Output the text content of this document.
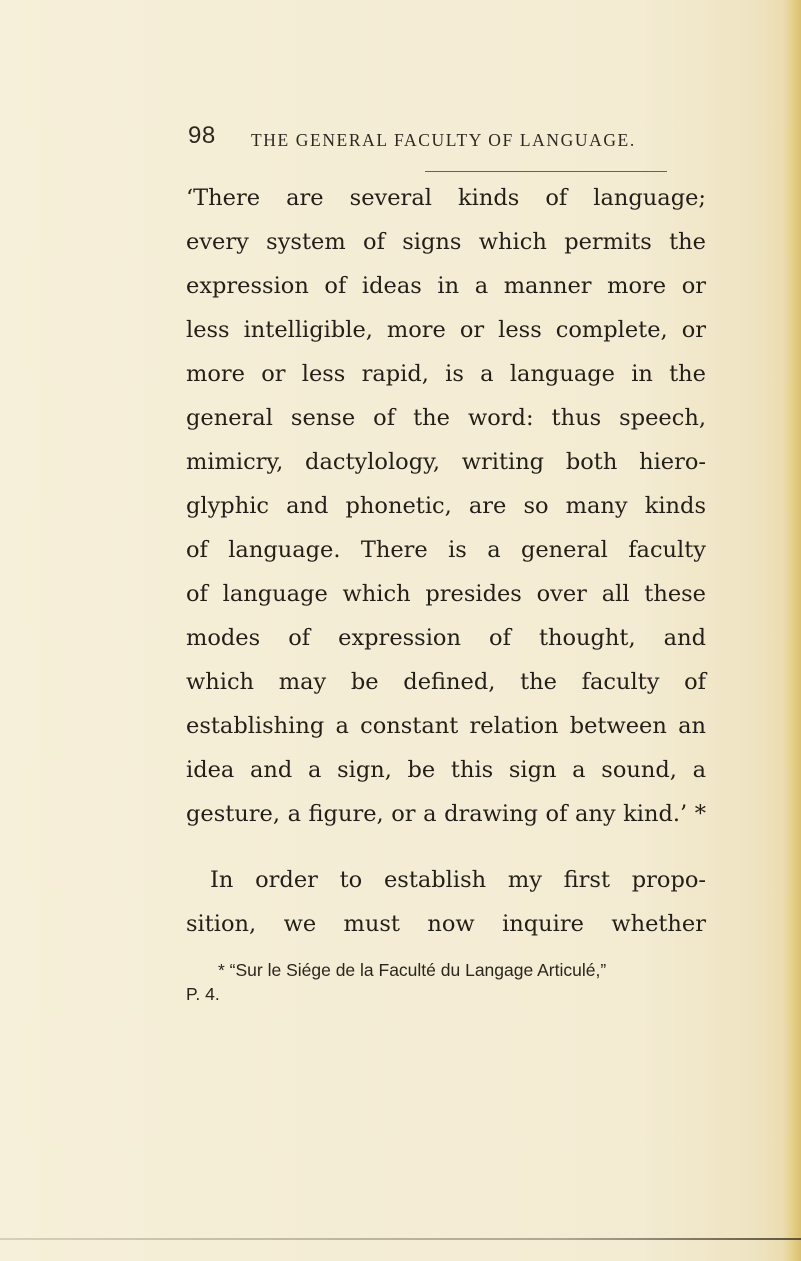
98 THE GENERAL FACULTY OF LANGUAGE.
‘There are several kinds of language;
every system of signs which permits the
expression of ideas in a manner more or
less intelligible, more or less complete, or
more or less rapid, is a language in the
general sense of the word: thus speech,
mimicry, dactylology, writing both hiero-
glyphic and phonetic, are so many kinds
of language. There is a general faculty
of language which presides over all these
modes of expression of thought, and
which may be defined, the faculty of
establishing a constant relation between an
idea and a sign, be this sign a sound, a
gesture, a figure, or a drawing of any kind.’ *
In order to establish my first propo-
sition, we must now inquire whether
* “Sur le Siége de la Faculté du Langage Articulé,”
P. 4.
